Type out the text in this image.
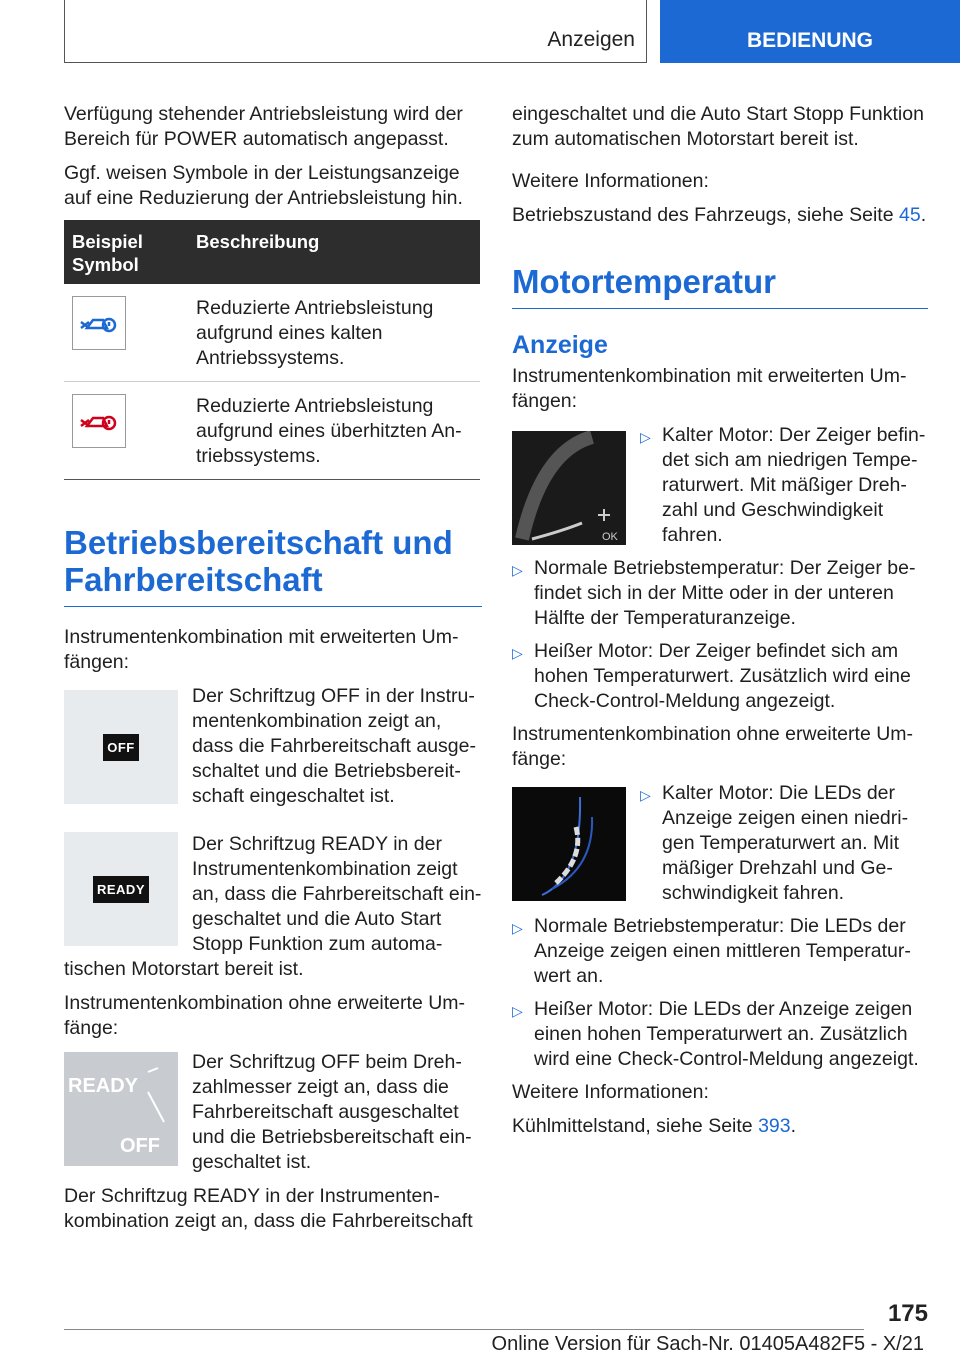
Anzeigen	BEDIENUNG

Verfügung stehender Antriebsleistung wird der Bereich für POWER automatisch angepasst.

Ggf. weisen Symbole in der Leistungsanzeige auf eine Reduzierung der Antriebsleistung hin.

Beispiel Symbol	Beschreibung

	Reduzierte Antriebsleistung aufgrund eines kalten Antriebssystems.

	Reduzierte Antriebsleistung aufgrund eines überhitzten Antriebssystems.
Betriebsbereitschaft und Fahrbereitschaft

Instrumentenkombination mit erweiterten Umfängen:

OFF

Der Schriftzug OFF in der Instrumentenkombination zeigt an, dass die Fahrbereitschaft ausgeschaltet und die Betriebsbereitschaft eingeschaltet ist.

READY

Der Schriftzug READY in der Instrumentenkombination zeigt an, dass die Fahrbereitschaft eingeschaltet und die Auto Start Stopp Funktion zum automatischen Motorstart bereit ist.

Instrumentenkombination ohne erweiterte Umfänge:

READY
OFF

Der Schriftzug OFF beim Drehzahlmesser zeigt an, dass die Fahrbereitschaft ausgeschaltet und die Betriebsbereitschaft eingeschaltet ist.

Der Schriftzug READY in der Instrumentenkombination zeigt an, dass die Fahrbereitschaft

eingeschaltet und die Auto Start Stopp Funktion zum automatischen Motorstart bereit ist.

Weitere Informationen:

Betriebszustand des Fahrzeugs, siehe Seite 45.

Motortemperatur
Anzeige

Instrumentenkombination mit erweiterten Umfängen:

OK
▷ Kalter Motor: Der Zeiger befindet sich am niedrigen Temperaturwert. Mit mäßiger Drehzahl und Geschwindigkeit fahren.
▷ Normale Betriebstemperatur: Der Zeiger befindet sich in der Mitte oder in der unteren Hälfte der Temperaturanzeige.
▷ Heißer Motor: Der Zeiger befindet sich am hohen Temperaturwert. Zusätzlich wird eine Check-Control-Meldung angezeigt.

Instrumentenkombination ohne erweiterte Umfänge:

▷ Kalter Motor: Die LEDs der Anzeige zeigen einen niedrigen Temperaturwert an. Mit mäßiger Drehzahl und Geschwindigkeit fahren.
▷ Normale Betriebstemperatur: Die LEDs der Anzeige zeigen einen mittleren Temperaturwert an.
▷ Heißer Motor: Die LEDs der Anzeige zeigen einen hohen Temperaturwert an. Zusätzlich wird eine Check-Control-Meldung angezeigt.

Weitere Informationen:

Kühlmittelstand, siehe Seite 393.

175
Online Version für Sach-Nr. 01405A482F5 - X/21
